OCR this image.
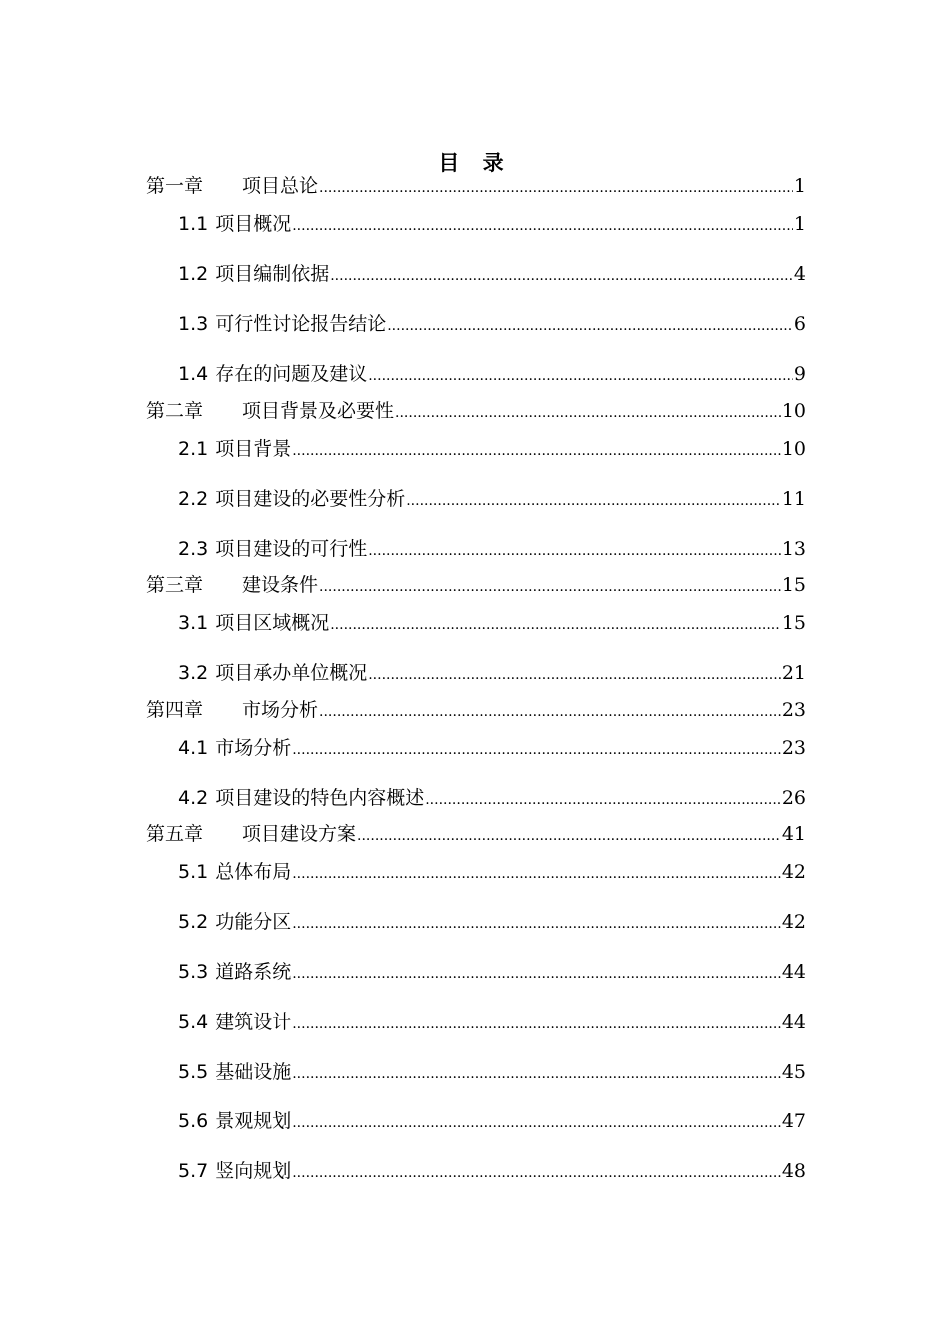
目 录
第一章	项目总论 .....	1
1.1 项目概况 .....	1
1.2 项目编制依据 .....	4
1.3 可行性讨论报告结论 .....	6
1.4 存在的问题及建议 .....	9
第二章	项目背景及必要性 .....	10
2.1 项目背景 .....	10
2.2 项目建设的必要性分析 .....	11
2.3 项目建设的可行性 .....	13
第三章	建设条件 .....	15
3.1 项目区域概况 .....	15
3.2 项目承办单位概况 .....	21
第四章	市场分析 .....	23
4.1 市场分析 .....	23
4.2 项目建设的特色内容概述 .....	26
第五章	项目建设方案 .....	41
5.1 总体布局 .....	42
5.2 功能分区 .....	42
5.3 道路系统 .....	44
5.4 建筑设计 .....	44
5.5 基础设施 .....	45
5.6 景观规划 .....	47
5.7 竖向规划 .....	48
